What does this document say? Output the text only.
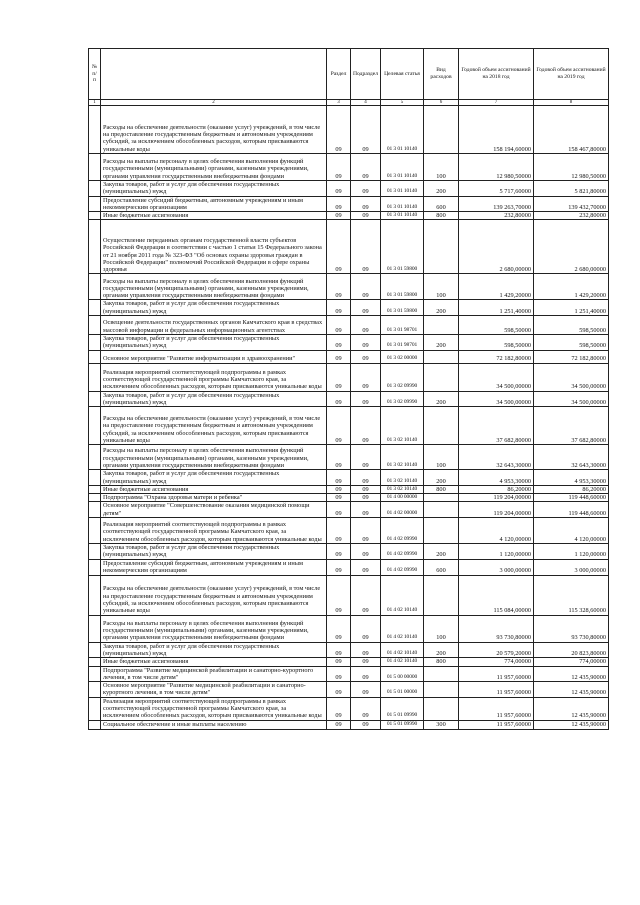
№ п/п		Раздел	Подраздел	Целевая статья	Вид расходов	Годовой объем ассигнований на 2018 год	Годовой объем ассигнований на 2019 год
1	2	3	4	5	6	7	8
	Расходы на обеспечение деятельности (оказание услуг) учреждений, в том числе на предоставление государственным бюджетным и автономным учреждениям субсидий, за исключением обособленных расходов, которым присваиваются уникальные коды	09	09	01 3 01 10140		158 194,60000	158 467,80000
	Расходы на выплаты персоналу в целях обеспечения выполнения функций государственными (муниципальными) органами, казенными учреждениями, органами управления государственными внебюджетными фондами	09	09	01 3 01 10140	100	12 980,50000	12 980,50000
	Закупка товаров, работ и услуг для обеспечения государственных (муниципальных) нужд	09	09	01 3 01 10140	200	5 717,60000	5 821,80000
	Предоставление субсидий бюджетным, автономным учреждениям и иным некоммерческим организациям	09	09	01 3 01 10140	600	139 263,70000	139 432,70000
	Иные бюджетные ассигнования	09	09	01 3 01 10140	800	232,80000	232,80000
	Осуществление переданных органам государственной власти субъектов Российской Федерации в соответствии с частью 1 статьи 15 Федерального закона от 21 ноября 2011 года № 323-ФЗ "Об основах охраны здоровья граждан в Российской Федерации" полномочий Российской Федерации в сфере охраны здоровья	09	09	01 3 01 59800		2 680,00000	2 680,00000
	Расходы на выплаты персоналу в целях обеспечения выполнения функций государственными (муниципальными) органами, казенными учреждениями, органами управления государственными внебюджетными фондами	09	09	01 3 01 59800	100	1 429,20000	1 429,20000
	Закупка товаров, работ и услуг для обеспечения государственных (муниципальных) нужд	09	09	01 3 01 59800	200	1 251,40000	1 251,40000
	Освещение деятельности государственных органов Камчатского края в средствах массовой информации и федеральных информационных агентствах	09	09	01 3 01 98701		598,50000	598,50000
	Закупка товаров, работ и услуг для обеспечения государственных (муниципальных) нужд	09	09	01 3 01 98701	200	598,50000	598,50000
	Основное мероприятие "Развитие информатизации в здравоохранении"	09	09	01 3 02 00000		72 182,80000	72 182,80000
	Реализация мероприятий соответствующей подпрограммы в рамках соответствующей государственной программы Камчатского края, за исключением обособленных расходов, которым присваиваются уникальные коды	09	09	01 3 02 09990		34 500,00000	34 500,00000
	Закупка товаров, работ и услуг для обеспечения государственных (муниципальных) нужд	09	09	01 3 02 09990	200	34 500,00000	34 500,00000
	Расходы на обеспечение деятельности (оказание услуг) учреждений, в том числе на предоставление государственным бюджетным и автономным учреждениям субсидий, за исключением обособленных расходов, которым присваиваются уникальные коды	09	09	01 3 02 10140		37 682,80000	37 682,80000
	Расходы на выплаты персоналу в целях обеспечения выполнения функций государственными (муниципальными) органами, казенными учреждениями, органами управления государственными внебюджетными фондами	09	09	01 3 02 10140	100	32 643,30000	32 643,30000
	Закупка товаров, работ и услуг для обеспечения государственных (муниципальных) нужд	09	09	01 3 02 10140	200	4 953,30000	4 953,30000
	Иные бюджетные ассигнования	09	09	01 3 02 10140	800	86,20000	86,20000
	Подпрограмма "Охрана здоровья матери и ребенка"	09	09	01 4 00 00000		119 204,00000	119 448,60000
	Основное мероприятие "Совершенствование оказания медицинской помощи детям"	09	09	01 4 02 00000		119 204,00000	119 448,60000
	Реализация мероприятий соответствующей подпрограммы в рамках соответствующей государственной программы Камчатского края, за исключением обособленных расходов, которым присваиваются уникальные коды	09	09	01 4 02 09990		4 120,00000	4 120,00000
	Закупка товаров, работ и услуг для обеспечения государственных (муниципальных) нужд	09	09	01 4 02 09990	200	1 120,00000	1 120,00000
	Предоставление субсидий бюджетным, автономным учреждениям и иным некоммерческим организациям	09	09	01 4 02 09990	600	3 000,00000	3 000,00000
	Расходы на обеспечение деятельности (оказание услуг) учреждений, в том числе на предоставление государственным бюджетным и автономным учреждениям субсидий, за исключением обособленных расходов, которым присваиваются уникальные коды	09	09	01 4 02 10140		115 084,00000	115 328,60000
	Расходы на выплаты персоналу в целях обеспечения выполнения функций государственными (муниципальными) органами, казенными учреждениями, органами управления государственными внебюджетными фондами	09	09	01 4 02 10140	100	93 730,80000	93 730,80000
	Закупка товаров, работ и услуг для обеспечения государственных (муниципальных) нужд	09	09	01 4 02 10140	200	20 579,20000	20 823,80000
	Иные бюджетные ассигнования	09	09	01 4 02 10140	800	774,00000	774,00000
	Подпрограмма "Развитие медицинской реабилитации и санаторно-курортного лечения, в том числе детям"	09	09	01 5 00 00000		11 957,60000	12 435,90000
	Основное мероприятие "Развитие медицинской реабилитации и санаторно-курортного лечения, в том числе детям"	09	09	01 5 01 00000		11 957,60000	12 435,90000
	Реализация мероприятий соответствующей подпрограммы в рамках соответствующей государственной программы Камчатского края, за исключением обособленных расходов, которым присваиваются уникальные коды	09	09	01 5 01 09990		11 957,60000	12 435,90000
	Социальное обеспечение и иные выплаты населению	09	09	01 5 01 09990	300	11 957,60000	12 435,90000
